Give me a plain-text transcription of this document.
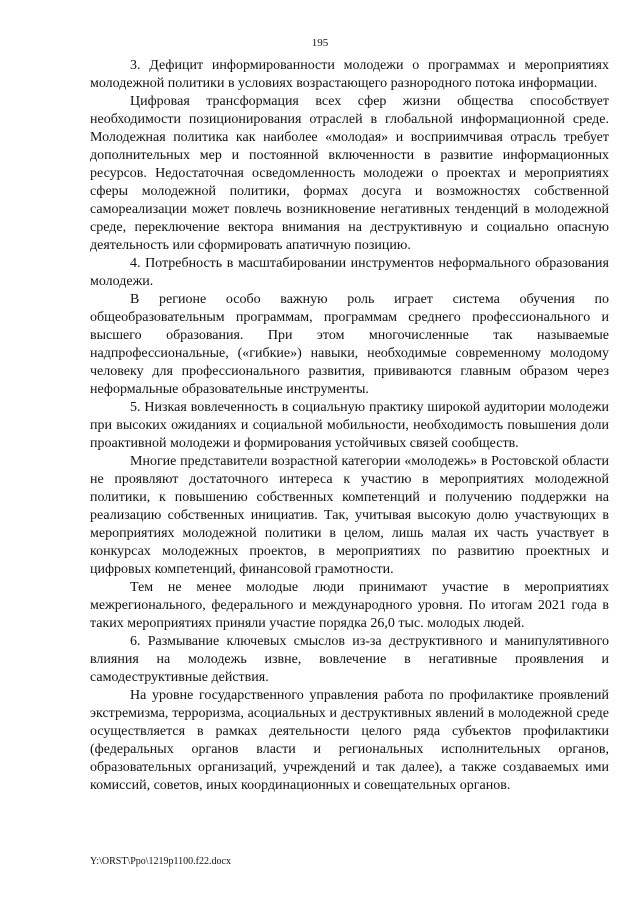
195

3. Дефицит информированности молодежи о программах и мероприятиях молодежной политики в условиях возрастающего разнородного потока информации.

Цифровая трансформация всех сфер жизни общества способствует необходимости позиционирования отраслей в глобальной информационной среде. Молодежная политика как наиболее «молодая» и восприимчивая отрасль требует дополнительных мер и постоянной включенности в развитие информационных ресурсов. Недостаточная осведомленность молодежи о проектах и мероприятиях сферы молодежной политики, формах досуга и возможностях собственной самореализации может повлечь возникновение негативных тенденций в молодежной среде, переключение вектора внимания на деструктивную и социально опасную деятельность или сформировать апатичную позицию.

4. Потребность в масштабировании инструментов неформального образования молодежи.

В регионе особо важную роль играет система обучения по общеобразовательным программам, программам среднего профессионального и высшего образования. При этом многочисленные так называемые надпрофессиональные, («гибкие») навыки, необходимые современному молодому человеку для профессионального развития, прививаются главным образом через неформальные образовательные инструменты.

5. Низкая вовлеченность в социальную практику широкой аудитории молодежи при высоких ожиданиях и социальной мобильности, необходимость повышения доли проактивной молодежи и формирования устойчивых связей сообществ.

Многие представители возрастной категории «молодежь» в Ростовской области не проявляют достаточного интереса к участию в мероприятиях молодежной политики, к повышению собственных компетенций и получению поддержки на реализацию собственных инициатив. Так, учитывая высокую долю участвующих в мероприятиях молодежной политики в целом, лишь малая их часть участвует в конкурсах молодежных проектов, в мероприятиях по развитию проектных и цифровых компетенций, финансовой грамотности.

Тем не менее молодые люди принимают участие в мероприятиях межрегионального, федерального и международного уровня. По итогам 2021 года в таких мероприятиях приняли участие порядка 26,0 тыс. молодых людей.

6. Размывание ключевых смыслов из-за деструктивного и манипулятивного влияния на молодежь извне, вовлечение в негативные проявления и самодеструктивные действия.

На уровне государственного управления работа по профилактике проявлений экстремизма, терроризма, асоциальных и деструктивных явлений в молодежной среде осуществляется в рамках деятельности целого ряда субъектов профилактики (федеральных органов власти и региональных исполнительных органов, образовательных организаций, учреждений и так далее), а также создаваемых ими комиссий, советов, иных координационных и совещательных органов.

Y:\ORST\Ppo\1219p1100.f22.docx
